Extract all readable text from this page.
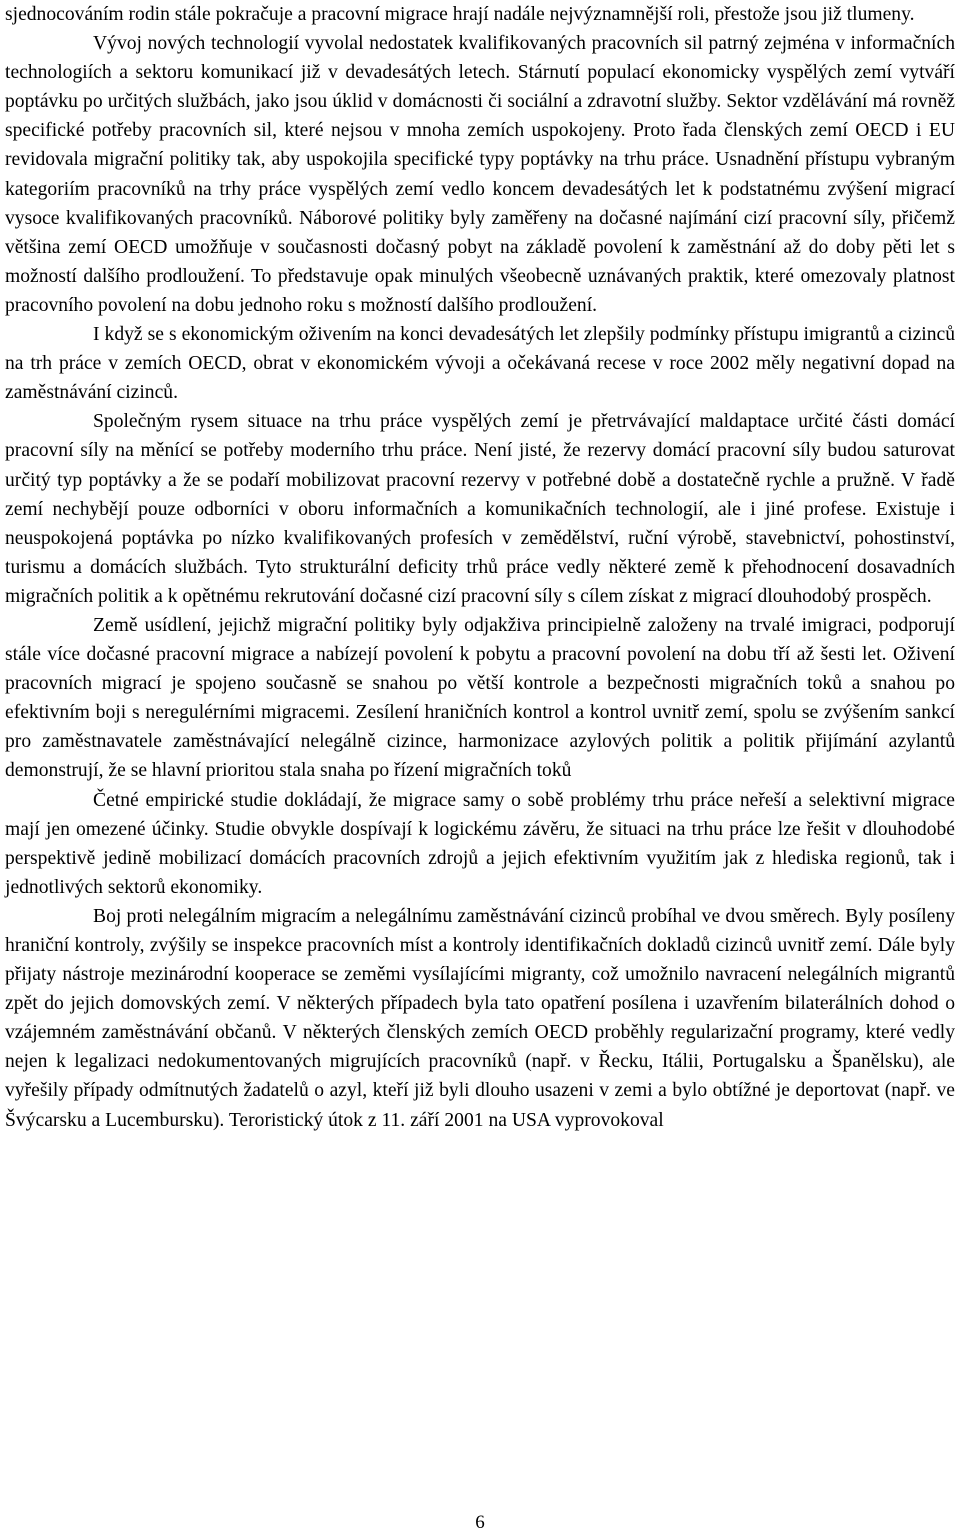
sjednocováním rodin stále pokračuje a pracovní migrace hrají nadále nejvýznamnější roli, přestože jsou již tlumeny.

Vývoj nových technologií vyvolal nedostatek kvalifikovaných pracovních sil patrný zejména v informačních technologiích a sektoru komunikací již v devadesátých letech. Stárnutí populací ekonomicky vyspělých zemí vytváří poptávku po určitých službách, jako jsou úklid v domácnosti či sociální a zdravotní služby. Sektor vzdělávání má rovněž specifické potřeby pracovních sil, které nejsou v mnoha zemích uspokojeny. Proto řada členských zemí OECD i EU revidovala migrační politiky tak, aby uspokojila specifické typy poptávky na trhu práce. Usnadnění přístupu vybraným kategoriím pracovníků na trhy práce vyspělých zemí vedlo koncem devadesátých let k podstatnému zvýšení migrací vysoce kvalifikovaných pracovníků. Náborové politiky byly zaměřeny na dočasné najímání cizí pracovní síly, přičemž většina zemí OECD umožňuje v současnosti dočasný pobyt na základě povolení k zaměstnání až do doby pěti let s možností dalšího prodloužení. To představuje opak minulých všeobecně uznávaných praktik, které omezovaly platnost pracovního povolení na dobu jednoho roku s možností dalšího prodloužení.

I když se s ekonomickým oživením na konci devadesátých let zlepšily podmínky přístupu imigrantů a cizinců na trh práce v zemích OECD, obrat v ekonomickém vývoji a očekávaná recese v roce 2002 měly negativní dopad na zaměstnávání cizinců.

Společným rysem situace na trhu práce vyspělých zemí je přetrvávající maldaptace určité části domácí pracovní síly na měnící se potřeby moderního trhu práce. Není jisté, že rezervy domácí pracovní síly budou saturovat určitý typ poptávky a že se podaří mobilizovat pracovní rezervy v potřebné době a dostatečně rychle a pružně. V řadě zemí nechybějí pouze odborníci v oboru informačních a komunikačních technologií, ale i jiné profese. Existuje i neuspokojená poptávka po nízko kvalifikovaných profesích v zemědělství, ruční výrobě, stavebnictví, pohostinství, turismu a domácích službách. Tyto strukturální deficity trhů práce vedly některé země k přehodnocení dosavadních migračních politik a k opětnému rekrutování dočasné cizí pracovní síly s cílem získat z migrací dlouhodobý prospěch.

Země usídlení, jejichž migrační politiky byly odjakživa principielně založeny na trvalé imigraci, podporují stále více dočasné pracovní migrace a nabízejí povolení k pobytu a pracovní povolení na dobu tří až šesti let. Oživení pracovních migrací je spojeno současně se snahou po větší kontrole a bezpečnosti migračních toků a snahou po efektivním boji s neregulérními migracemi. Zesílení hraničních kontrol a kontrol uvnitř zemí, spolu se zvýšením sankcí pro zaměstnavatele zaměstnávající nelegálně cizince, harmonizace azylových politik a politik přijímání azylantů demonstrují, že se hlavní prioritou stala snaha po řízení migračních toků

Četné empirické studie dokládají, že migrace samy o sobě problémy trhu práce neřeší a selektivní migrace mají jen omezené účinky. Studie obvykle dospívají k logickému závěru, že situaci na trhu práce lze řešit v dlouhodobé perspektivě jedině mobilizací domácích pracovních zdrojů a jejich efektivním využitím jak z hlediska regionů, tak i jednotlivých sektorů ekonomiky.

Boj proti nelegálním migracím a nelegálnímu zaměstnávání cizinců probíhal ve dvou směrech. Byly posíleny hraniční kontroly, zvýšily se inspekce pracovních míst a kontroly identifikačních dokladů cizinců uvnitř zemí. Dále byly přijaty nástroje mezinárodní kooperace se zeměmi vysílajícími migranty, což umožnilo navracení nelegálních migrantů zpět do jejich domovských zemí. V některých případech byla tato opatření posílena i uzavřením bilaterálních dohod o vzájemném zaměstnávání občanů. V některých členských zemích OECD proběhly regularizační programy, které vedly nejen k legalizaci nedokumentovaných migrujících pracovníků (např. v Řecku, Itálii, Portugalsku a Španělsku), ale vyřešily případy odmítnutých žadatelů o azyl, kteří již byli dlouho usazeni v zemi a bylo obtížné je deportovat (např. ve Švýcarsku a Lucembursku). Teroristický útok z 11. září 2001 na USA vyprovokoval

6
